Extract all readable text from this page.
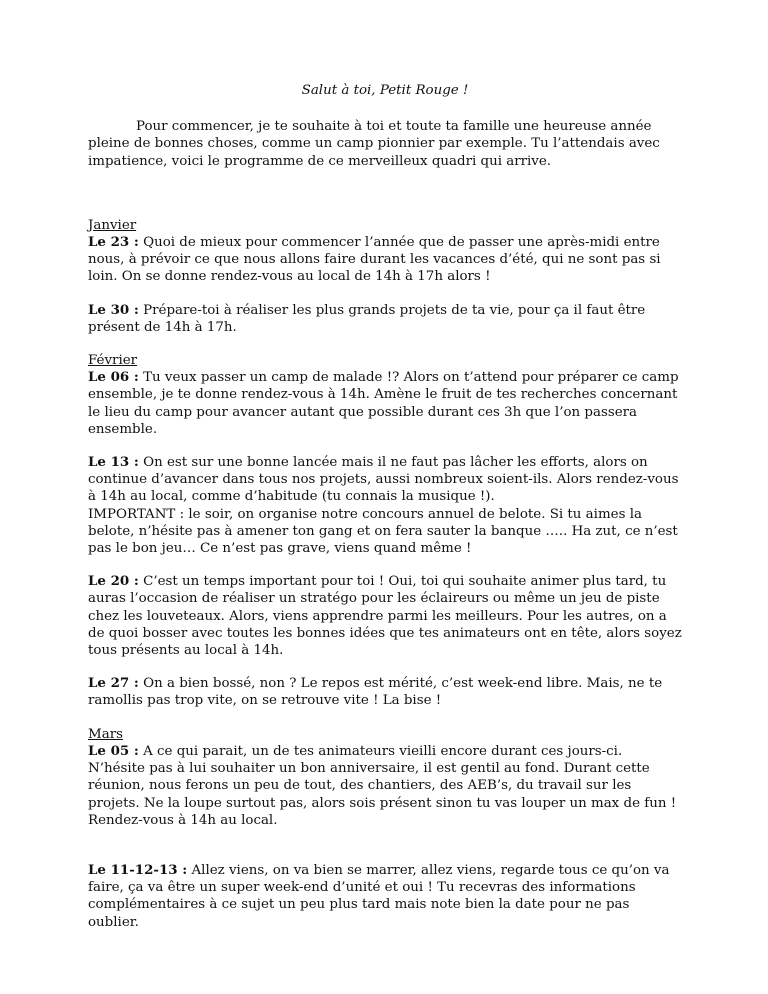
Salut à toi, Petit Rouge !

Pour commencer, je te souhaite à toi et toute ta famille une heureuse année pleine de bonnes choses, comme un camp pionnier par exemple. Tu l’attendais avec impatience, voici le programme de ce merveilleux quadri qui arrive.

Janvier

Le 23 : Quoi de mieux pour commencer l’année que de passer une après-midi entre nous, à prévoir ce que nous allons faire durant les vacances d’été, qui ne sont pas si loin. On se donne rendez-vous au local de 14h à 17h alors !

Le 30 : Prépare-toi à réaliser les plus grands projets de ta vie, pour ça il faut être présent de 14h à 17h.

Février

Le 06 : Tu veux passer un camp de malade !? Alors on t’attend pour préparer ce camp ensemble, je te donne rendez-vous à 14h. Amène le fruit de tes recherches concernant le lieu du camp pour avancer autant que possible durant ces 3h que l’on passera ensemble.

Le 13 : On est sur une bonne lancée mais il ne faut pas lâcher les efforts, alors on continue d’avancer dans tous nos projets, aussi nombreux soient-ils. Alors rendez-vous à 14h au local, comme d’habitude (tu connais la musique !).
IMPORTANT : le soir, on organise notre concours annuel de belote. Si tu aimes la belote, n’hésite pas à amener ton gang et on fera sauter la banque ….. Ha zut, ce n’est pas le bon jeu… Ce n’est pas grave, viens quand même !

Le 20 : C’est un temps important pour toi ! Oui, toi qui souhaite animer plus tard, tu auras l’occasion de réaliser un stratégo pour les éclaireurs ou même un jeu de piste chez les louveteaux. Alors, viens apprendre parmi les meilleurs. Pour les autres, on a de quoi bosser avec toutes les bonnes idées que tes animateurs ont en tête, alors soyez tous présents au local à 14h.

Le 27 : On a bien bossé, non ? Le repos est mérité, c’est week-end libre. Mais, ne te ramollis pas trop vite, on se retrouve vite ! La bise !

Mars

Le 05 : A ce qui parait, un de tes animateurs vieilli encore durant ces jours-ci. N’hésite pas à lui souhaiter un bon anniversaire, il est gentil au fond. Durant cette réunion, nous ferons un peu de tout, des chantiers, des AEB’s, du travail sur les projets. Ne la loupe surtout pas, alors sois présent sinon tu vas louper un max de fun ! Rendez-vous à 14h au local.

Le 11-12-13 : Allez viens, on va bien se marrer, allez viens, regarde tous ce qu’on va faire, ça va être un super week-end d’unité et oui ! Tu recevras des informations complémentaires à ce sujet un peu plus tard mais note bien la date pour ne pas oublier.
